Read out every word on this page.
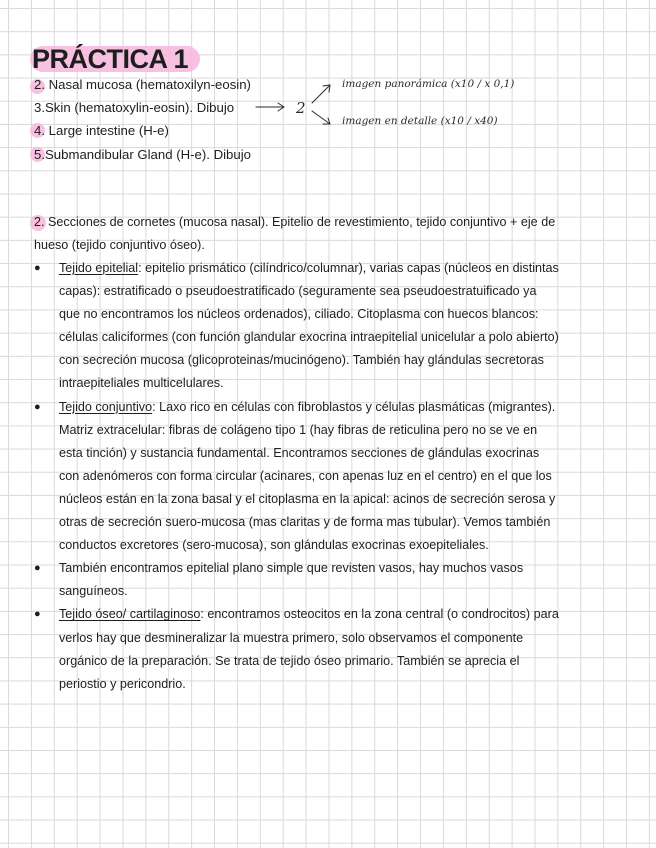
PRÁCTICA 1
2. Nasal mucosa (hematoxilyn-eosin)
3.Skin (hematoxylin-eosin). Dibujo
4. Large intestine (H-e)
5.Submandibular Gland (H-e). Dibujo
2
imagen panorámica (x10 / x 0,1)
imagen en detalle (x10 / x40)
2. Secciones de cornetes (mucosa nasal). Epitelio de revestimiento, tejido conjuntivo + eje de
hueso (tejido conjuntivo óseo).
● Tejido epitelial: epitelio prismático (cilíndrico/columnar), varias capas (núcleos en distintas
capas): estratificado o pseudoestratificado (seguramente sea pseudoestratuificado ya
que no encontramos los núcleos ordenados), ciliado. Citoplasma con huecos blancos:
células caliciformes (con función glandular exocrina intraepitelial unicelular a polo abierto)
con secreción mucosa (glicoproteinas/mucinógeno). También hay glándulas secretoras
intraepiteliales multicelulares.
● Tejido conjuntivo: Laxo rico en células con fibroblastos y células plasmáticas (migrantes).
Matriz extracelular: fibras de colágeno tipo 1 (hay fibras de reticulina pero no se ve en
esta tinción) y sustancia fundamental. Encontramos secciones de glándulas exocrinas
con adenómeros con forma circular (acinares, con apenas luz en el centro) en el que los
núcleos están en la zona basal y el citoplasma en la apical: acinos de secreción serosa y
otras de secreción suero-mucosa (mas claritas y de forma mas tubular). Vemos también
conductos excretores (sero-mucosa), son glándulas exocrinas exoepiteliales.
● También encontramos epitelial plano simple que revisten vasos, hay muchos vasos
sanguíneos.
● Tejido óseo/ cartilaginoso: encontramos osteocitos en la zona central (o condrocitos) para
verlos hay que desmineralizar la muestra primero, solo observamos el componente
orgánico de la preparación. Se trata de tejido óseo primario. También se aprecia el
periostio y pericondrio.
